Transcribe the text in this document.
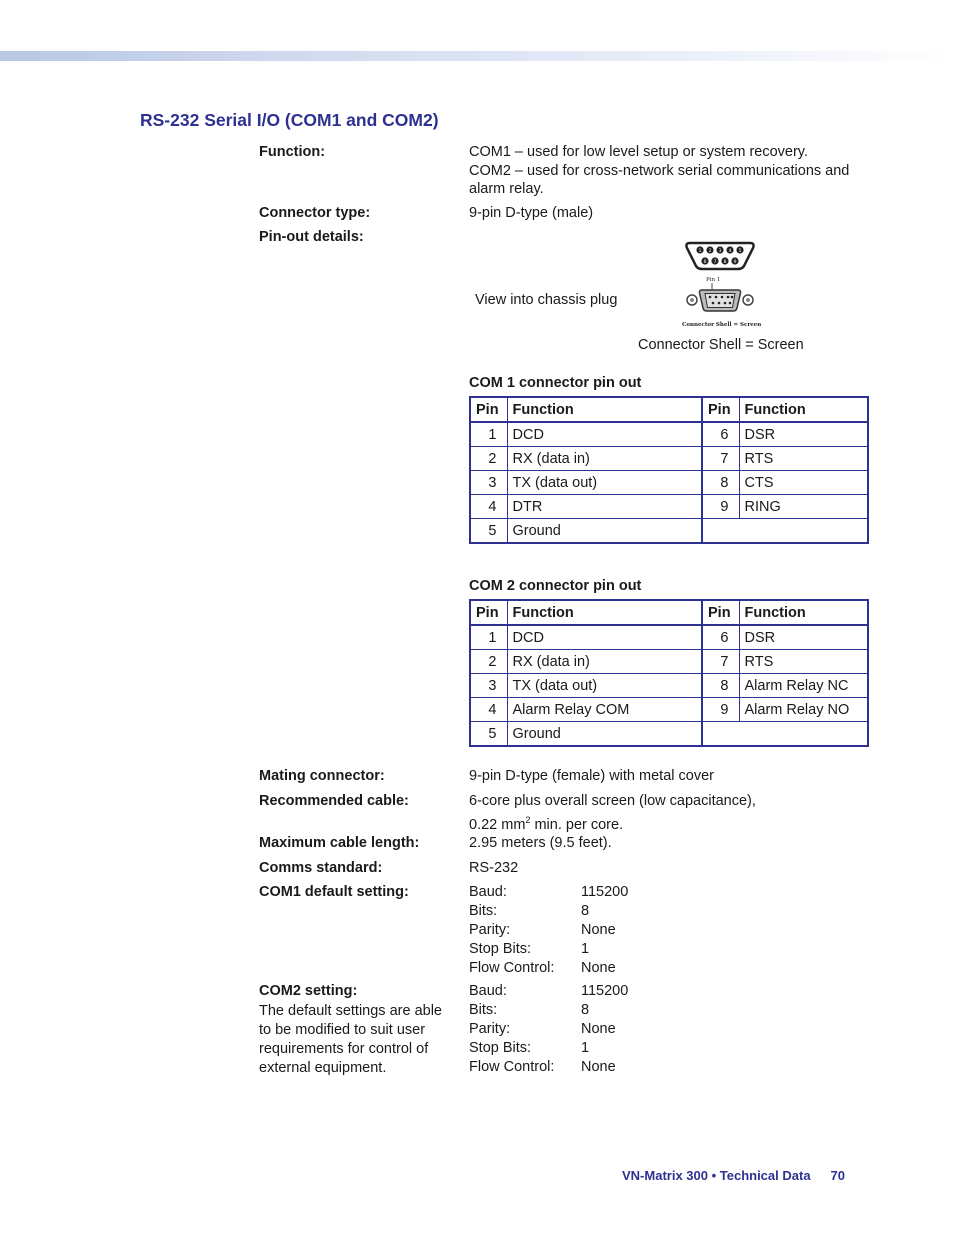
RS-232 Serial I/O (COM1 and COM2)
Function:	COM1 – used for low level setup or system recovery.
COM2 – used for cross-network serial communications and
alarm relay.
Connector type:	9-pin D-type (male)
Pin-out details:
View into chassis plug
1 2 3 4 5
6 7 8 9
Pin 1
Connector Shell = Screen
Connector Shell = Screen
COM 1 connector pin out
Pin	Function	Pin	Function
1	DCD	6	DSR
2	RX (data in)	7	RTS
3	TX (data out)	8	CTS
4	DTR	9	RING
5	Ground		
COM 2 connector pin out
Pin	Function	Pin	Function
1	DCD	6	DSR
2	RX (data in)	7	RTS
3	TX (data out)	8	Alarm Relay NC
4	Alarm Relay COM	9	Alarm Relay NO
5	Ground		
Mating connector:	9-pin D-type (female) with metal cover
Recommended cable:	6-core plus overall screen (low capacitance),
0.22 $mm^2$ min. per core.
Maximum cable length:	2.95 meters (9.5 feet).
Comms standard:	RS-232
COM1 default setting:	Baud:	115200
Bits:	8
Parity:	None
Stop Bits:	1
Flow Control:	None
COM2 setting:
The default settings are able
to be modified to suit user
requirements for control of
external equipment.
Baud:	115200
Bits:	8
Parity:	None
Stop Bits:	1
Flow Control:	None
VN-Matrix 300 • Technical Data 70
